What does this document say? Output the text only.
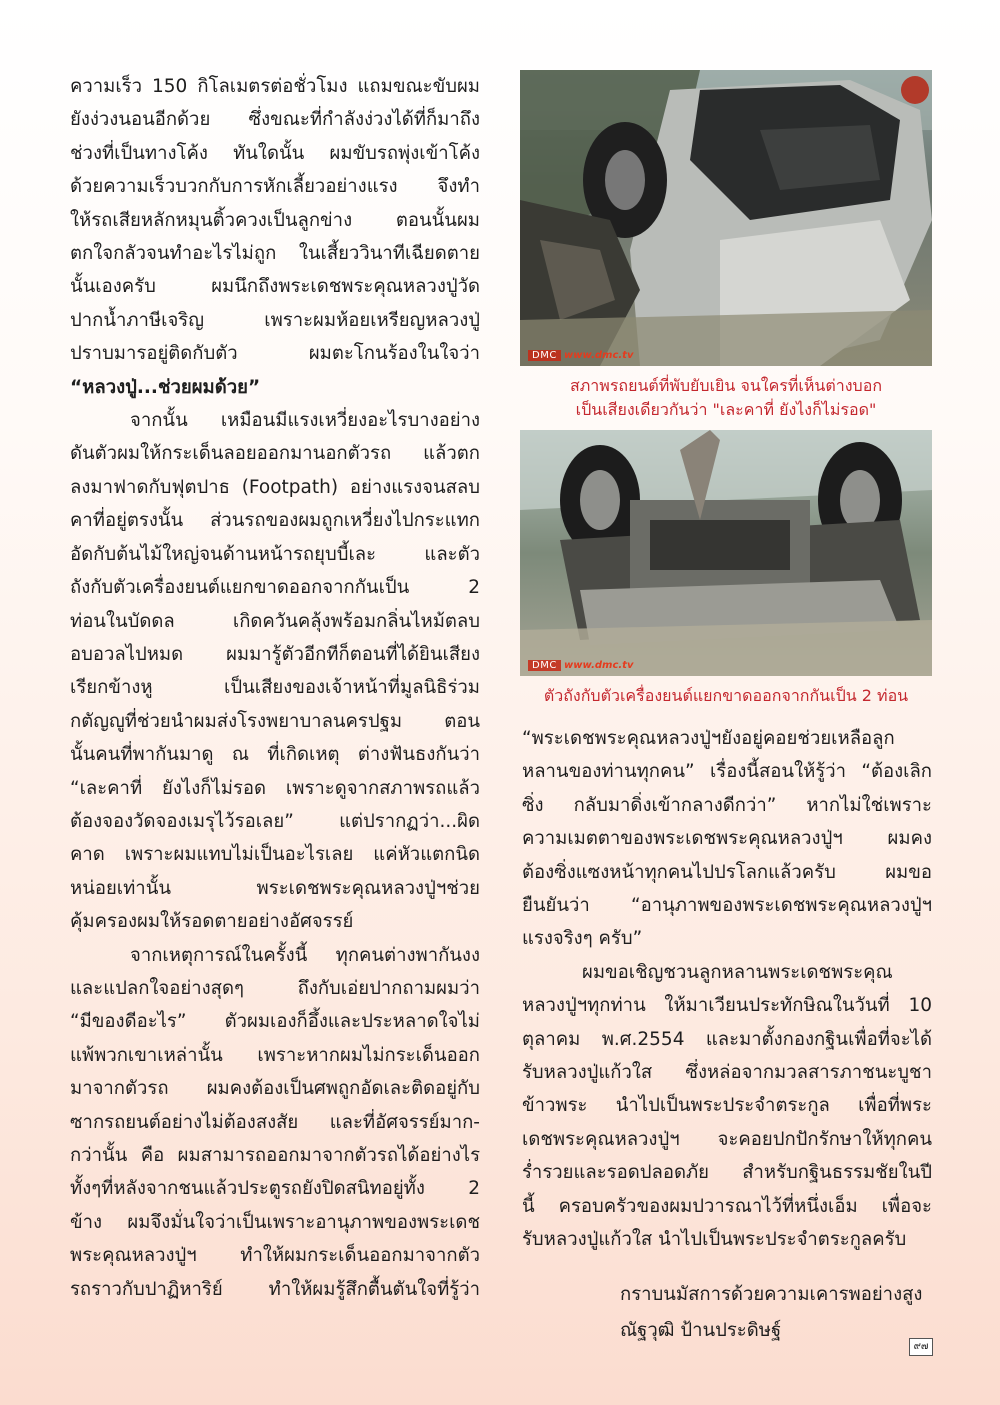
ความเร็ว 150 กิโลเมตรต่อชั่วโมง แถมขณะขับผม

ยังง่วงนอนอีกด้วย ซึ่งขณะที่กำลังง่วงได้ที่ก็มาถึง

ช่วงที่เป็นทางโค้ง ทันใดนั้น ผมขับรถพุ่งเข้าโค้ง

ด้วยความเร็วบวกกับการหักเลี้ยวอย่างแรง จึงทำ

ให้รถเสียหลักหมุนติ้วควงเป็นลูกข่าง ตอนนั้นผม

ตกใจกลัวจนทำอะไรไม่ถูก ในเสี้ยววินาทีเฉียดตาย

นั้นเองครับ ผมนึกถึงพระเดชพระคุณหลวงปู่วัด

ปากน้ำภาษีเจริญ เพราะผมห้อยเหรียญหลวงปู่

ปราบมารอยู่ติดกับตัว ผมตะโกนร้องในใจว่า

“หลวงปู่...ช่วยผมด้วย”

จากนั้น เหมือนมีแรงเหวี่ยงอะไรบางอย่าง

ดันตัวผมให้กระเด็นลอยออกมานอกตัวรถ แล้วตก

ลงมาฟาดกับฟุตปาธ (Footpath) อย่างแรงจนสลบ

คาที่อยู่ตรงนั้น ส่วนรถของผมถูกเหวี่ยงไปกระแทก

อัดกับต้นไม้ใหญ่จนด้านหน้ารถยุบบี้เละ และตัว

ถังกับตัวเครื่องยนต์แยกขาดออกจากกันเป็น 2

ท่อนในบัดดล เกิดควันคลุ้งพร้อมกลิ่นไหม้ตลบ

อบอวลไปหมด ผมมารู้ตัวอีกทีก็ตอนที่ได้ยินเสียง

เรียกข้างหู เป็นเสียงของเจ้าหน้าที่มูลนิธิร่วม

กตัญญูที่ช่วยนำผมส่งโรงพยาบาลนครปฐม ตอน

นั้นคนที่พากันมาดู ณ ที่เกิดเหตุ ต่างฟันธงกันว่า

“เละคาที่ ยังไงก็ไม่รอด เพราะดูจากสภาพรถแล้ว

ต้องจองวัดจองเมรุไว้รอเลย” แต่ปรากฏว่า...ผิด

คาด เพราะผมแทบไม่เป็นอะไรเลย แค่หัวแตกนิด

หน่อยเท่านั้น พระเดชพระคุณหลวงปู่ฯช่วย

คุ้มครองผมให้รอดตายอย่างอัศจรรย์

จากเหตุการณ์ในครั้งนี้ ทุกคนต่างพากันงง

และแปลกใจอย่างสุดๆ ถึงกับเอ่ยปากถามผมว่า

“มีของดีอะไร” ตัวผมเองก็อึ้งและประหลาดใจไม่

แพ้พวกเขาเหล่านั้น เพราะหากผมไม่กระเด็นออก

มาจากตัวรถ ผมคงต้องเป็นศพถูกอัดเละติดอยู่กับ

ซากรถยนต์อย่างไม่ต้องสงสัย และที่อัศจรรย์มาก-

กว่านั้น คือ ผมสามารถออกมาจากตัวรถได้อย่างไร

ทั้งๆที่หลังจากชนแล้วประตูรถยังปิดสนิทอยู่ทั้ง 2

ข้าง ผมจึงมั่นใจว่าเป็นเพราะอานุภาพของพระเดช

พระคุณหลวงปู่ฯ ทำให้ผมกระเด็นออกมาจากตัว

รถราวกับปาฏิหาริย์ ทำให้ผมรู้สึกตื้นตันใจที่รู้ว่า

DMC www.dmc.tv
สภาพรถยนต์ที่พับยับเยิน จนใครที่เห็นต่างบอก
เป็นเสียงเดียวกันว่า "เละคาที่ ยังไงก็ไม่รอด"
DMC www.dmc.tv
ตัวถังกับตัวเครื่องยนต์แยกขาดออกจากกันเป็น 2 ท่อน

“พระเดชพระคุณหลวงปู่ฯยังอยู่คอยช่วยเหลือลูก

หลานของท่านทุกคน” เรื่องนี้สอนให้รู้ว่า “ต้องเลิก

ซิ่ง กลับมาดิ่งเข้ากลางดีกว่า” หากไม่ใช่เพราะ

ความเมตตาของพระเดชพระคุณหลวงปู่ฯ ผมคง

ต้องซิ่งแซงหน้าทุกคนไปปรโลกแล้วครับ ผมขอ

ยืนยันว่า “อานุภาพของพระเดชพระคุณหลวงปู่ฯ

แรงจริงๆ ครับ”

ผมขอเชิญชวนลูกหลานพระเดชพระคุณ

หลวงปู่ฯทุกท่าน ให้มาเวียนประทักษิณในวันที่ 10

ตุลาคม พ.ศ.2554 และมาตั้งกองกฐินเพื่อที่จะได้

รับหลวงปู่แก้วใส ซึ่งหล่อจากมวลสารภาชนะบูชา

ข้าวพระ นำไปเป็นพระประจำตระกูล เพื่อที่พระ

เดชพระคุณหลวงปู่ฯ จะคอยปกปักรักษาให้ทุกคน

ร่ำรวยและรอดปลอดภัย สำหรับกฐินธรรมชัยในปี

นี้ ครอบครัวของผมปวารณาไว้ที่หนึ่งเอ็ม เพื่อจะ

รับหลวงปู่แก้วใส นำไปเป็นพระประจำตระกูลครับ

กราบนมัสการด้วยความเคารพอย่างสูง
ณัฐวุฒิ ป้านประดิษฐ์
๙๗
